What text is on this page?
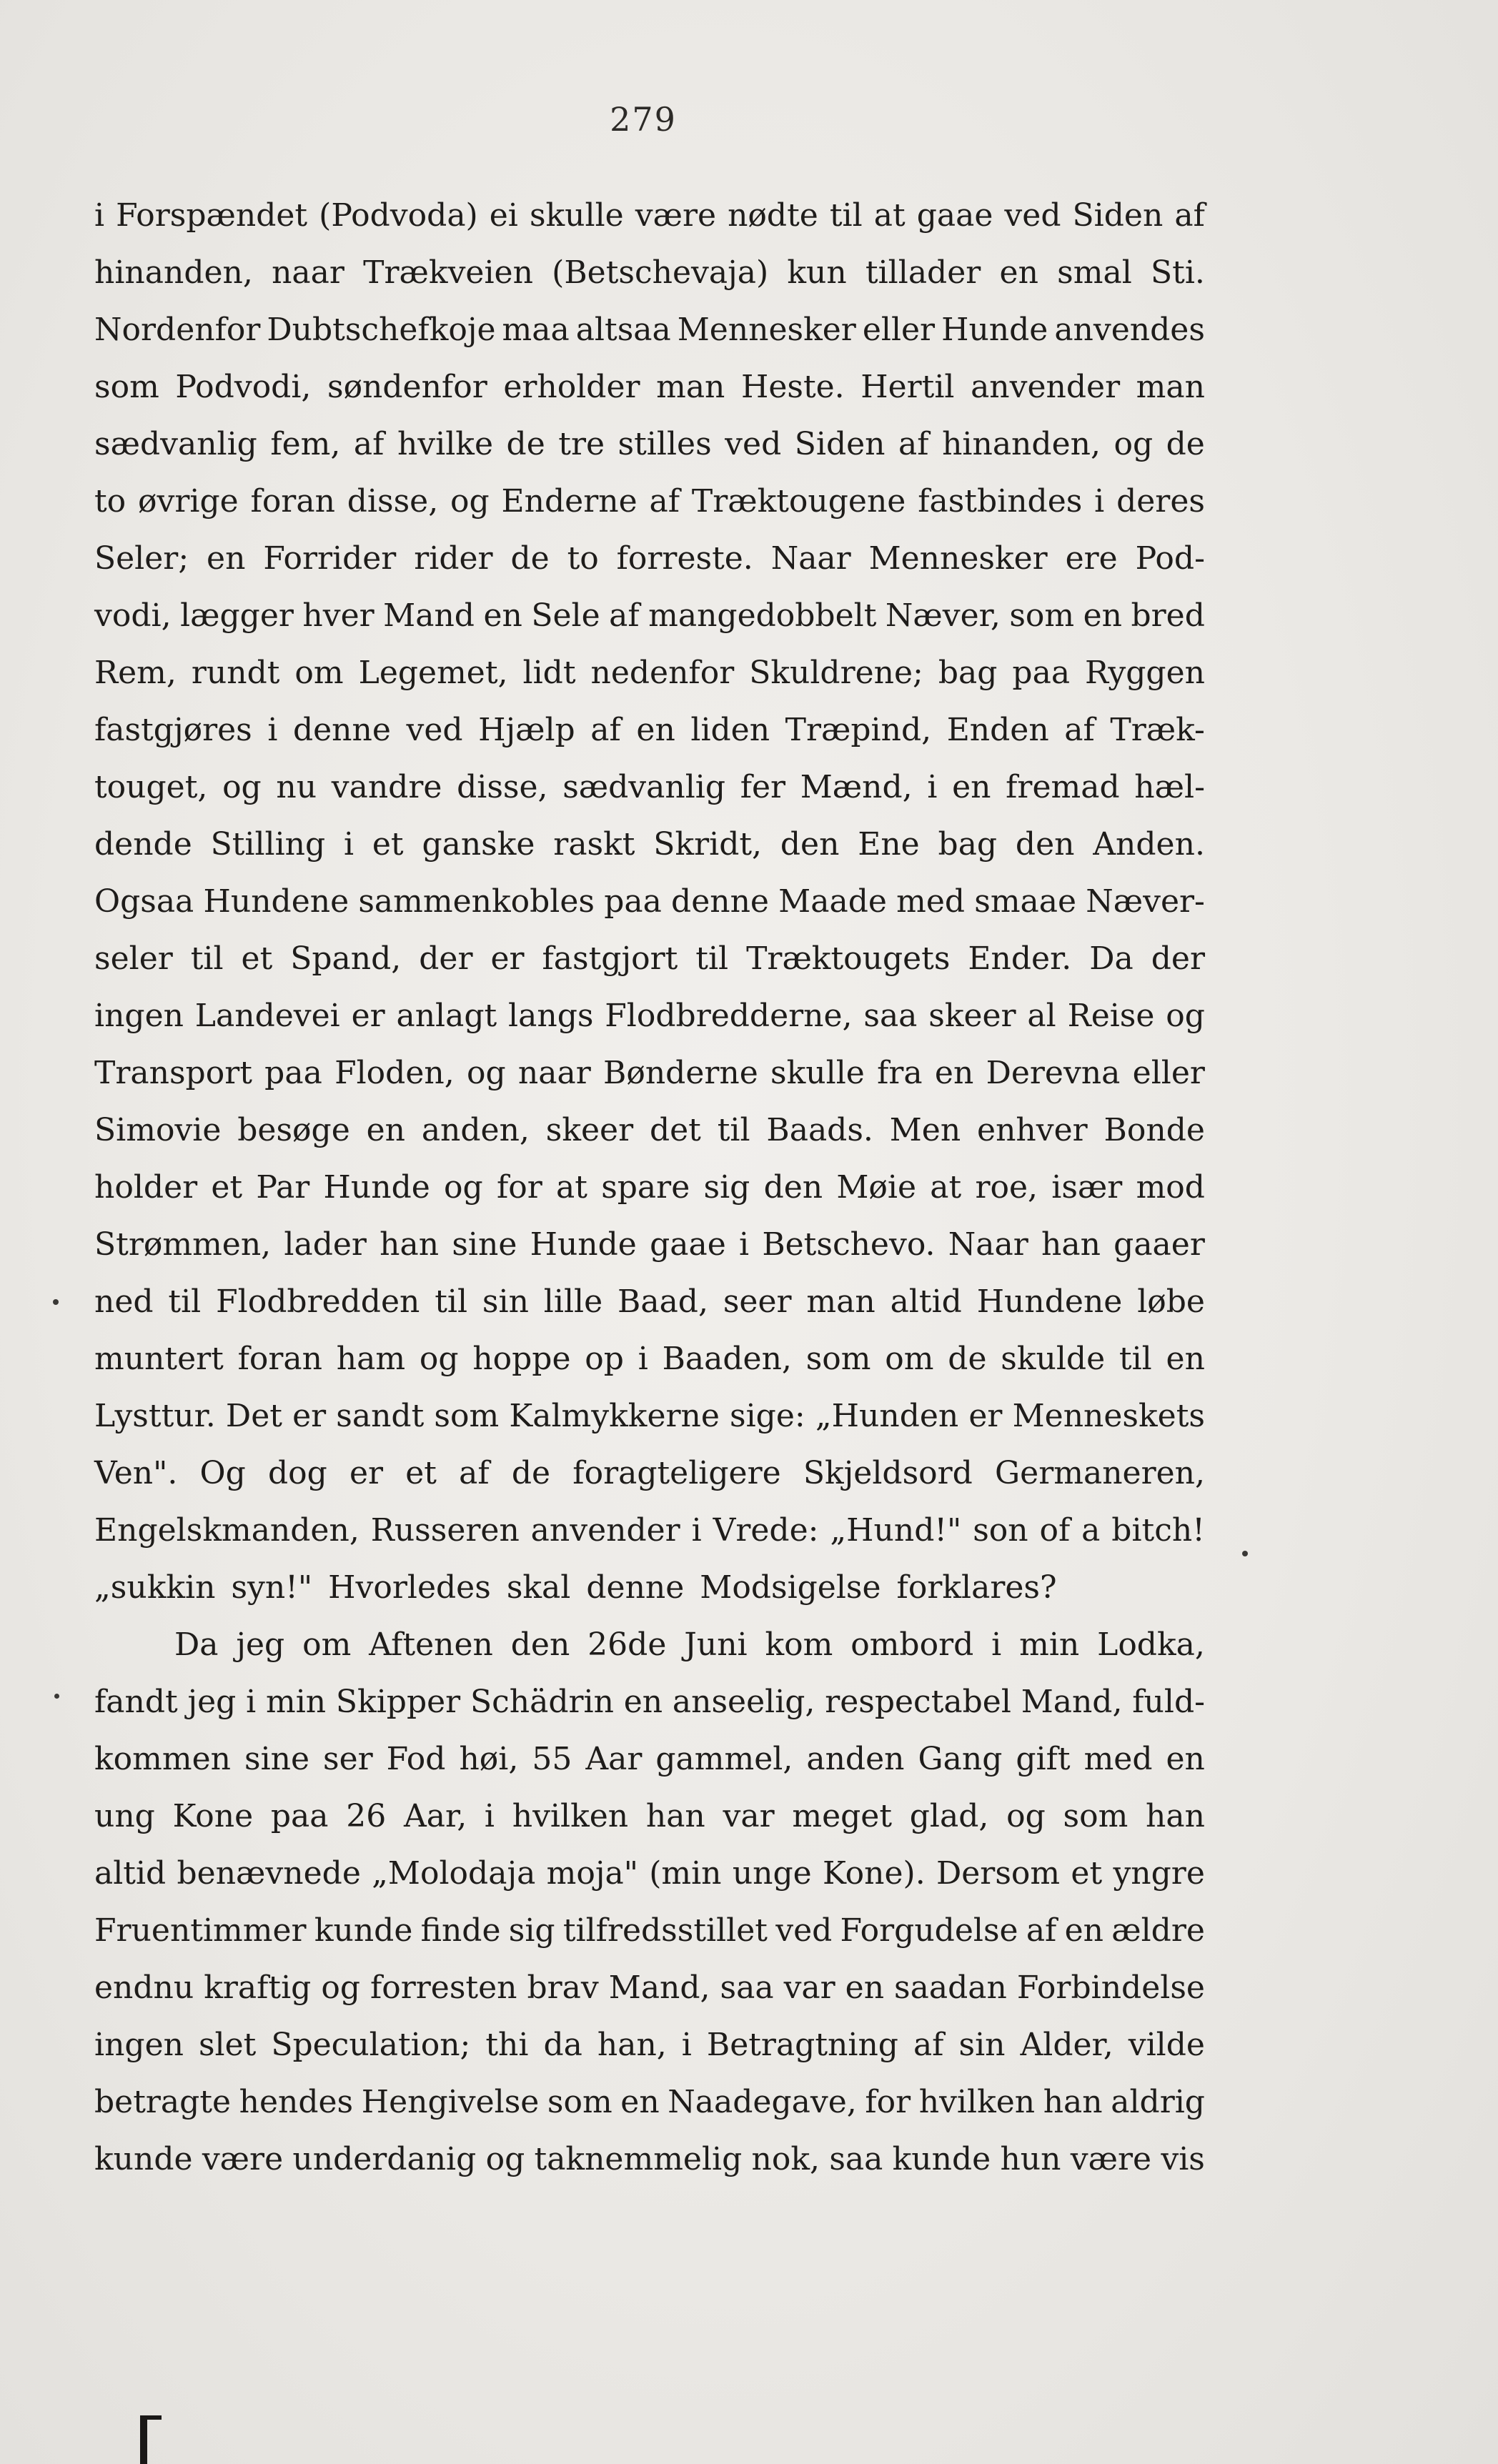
279
i Forspændet (Podvoda) ei skulle være nødte til at gaae ved Siden af
hinanden, naar Trækveien (Betschevaja) kun tillader en smal Sti.
Nordenfor Dubtschefkoje maa altsaa Mennesker eller Hunde anvendes
som Podvodi, søndenfor erholder man Heste. Hertil anvender man
sædvanlig fem, af hvilke de tre stilles ved Siden af hinanden, og de
to øvrige foran disse, og Enderne af Træktougene fastbindes i deres
Seler; en Forrider rider de to forreste. Naar Mennesker ere Pod-
vodi, lægger hver Mand en Sele af mangedobbelt Næver, som en bred
Rem, rundt om Legemet, lidt nedenfor Skuldrene; bag paa Ryggen
fastgjøres i denne ved Hjælp af en liden Træpind, Enden af Træk-
touget, og nu vandre disse, sædvanlig fer Mænd, i en fremad hæl-
dende Stilling i et ganske raskt Skridt, den Ene bag den Anden.
Ogsaa Hundene sammenkobles paa denne Maade med smaae Næver-
seler til et Spand, der er fastgjort til Træktougets Ender. Da der
ingen Landevei er anlagt langs Flodbredderne, saa skeer al Reise og
Transport paa Floden, og naar Bønderne skulle fra en Derevna eller
Simovie besøge en anden, skeer det til Baads. Men enhver Bonde
holder et Par Hunde og for at spare sig den Møie at roe, især mod
Strømmen, lader han sine Hunde gaae i Betschevo. Naar han gaaer
ned til Flodbredden til sin lille Baad, seer man altid Hundene løbe
muntert foran ham og hoppe op i Baaden, som om de skulde til en
Lysttur. Det er sandt som Kalmykkerne sige: „Hunden er Menneskets
Ven". Og dog er et af de foragteligere Skjeldsord Germaneren,
Engelskmanden, Russeren anvender i Vrede: „Hund!" son of a bitch!
„sukkin syn!" Hvorledes skal denne Modsigelse forklares?
Da jeg om Aftenen den 26de Juni kom ombord i min Lodka,
fandt jeg i min Skipper Schädrin en anseelig, respectabel Mand, fuld-
kommen sine ser Fod høi, 55 Aar gammel, anden Gang gift med en
ung Kone paa 26 Aar, i hvilken han var meget glad, og som han
altid benævnede „Molodaja moja" (min unge Kone). Dersom et yngre
Fruentimmer kunde finde sig tilfredsstillet ved Forgudelse af en ældre
endnu kraftig og forresten brav Mand, saa var en saadan Forbindelse
ingen slet Speculation; thi da han, i Betragtning af sin Alder, vilde
betragte hendes Hengivelse som en Naadegave, for hvilken han aldrig
kunde være underdanig og taknemmelig nok, saa kunde hun være vis
